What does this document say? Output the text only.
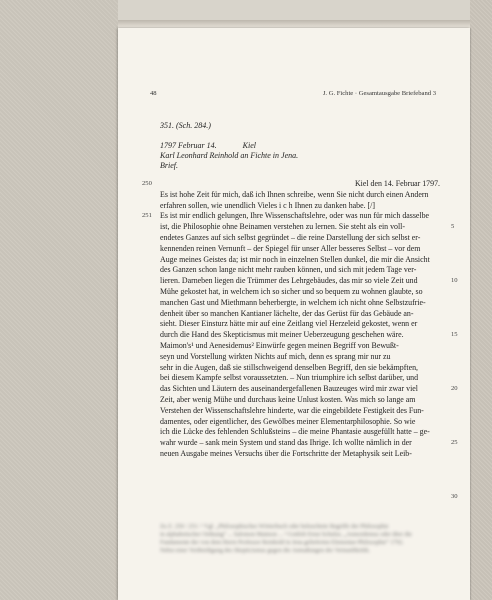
48	J. G. Fichte · Gesamtausgabe Briefeband 3
351. (Sch. 284.)
1797 Februar 14.	Kiel
Karl Leonhard Reinhold an Fichte in Jena.
Brief.
Kiel den 14. Februar 1797.
Es ist hohe Zeit für mich, daß ich Ihnen schreibe, wenn Sie nicht durch einen Andern
erfahren sollen, wie unendlich Vieles i c h Ihnen zu danken habe. [/]
Es ist mir endlich gelungen, Ihre Wissenschaftslehre, oder was nun für mich dasselbe
ist, die Philosophie ohne Beinamen verstehen zu lernen. Sie steht als ein voll-
endetes Ganzes auf sich selbst gegründet – die reine Darstellung der sich selbst er-
kennenden reinen Vernunft – der Spiegel für unser Aller besseres Selbst – vor dem
Auge meines Geistes da; ist mir noch in einzelnen Stellen dunkel, die mir die Ansicht
des Ganzen schon lange nicht mehr rauben können, und sich mit jedem Tage ver-
lieren. Darneben liegen die Trümmer des Lehrgebäudes, das mir so viele Zeit und
Mühe gekostet hat, in welchem ich so sicher und so bequem zu wohnen glaubte, so
manchen Gast und Miethmann beherbergte, in welchem ich nicht ohne Selbstzufrie-
denheit über so manchen Kantianer lächelte, der das Gerüst für das Gebäude an-
sieht. Dieser Einsturz hätte mir auf eine Zeitlang viel Herzeleid gekostet, wenn er
durch die Hand des Skepticismus mit meiner Ueberzeugung geschehen wäre.
Maimon's¹ und Aenesidemus² Einwürfe gegen meinen Begriff von Bewußt-
seyn und Vorstellung wirkten Nichts auf mich, denn es sprang mir nur zu
sehr in die Augen, daß sie stillschweigend denselben Begriff, den sie bekämpften,
bei diesem Kampfe selbst voraussetzten. – Nun triumphire ich selbst darüber, und
das Sichten und Läutern des auseinandergefallenen Bauzeuges wird mir zwar viel
Zeit, aber wenig Mühe und durchaus keine Unlust kosten. Was mich so lange am
Verstehen der Wissenschaftslehre hinderte, war die eingebildete Festigkeit des Fun-
damentes, oder eigentlicher, des Gewölbes meiner Elementarphilosophie. So wie
ich die Lücke des fehlenden Schlußsteins – die meine Phantasie ausgefüllt hatte – ge-
wahr wurde – sank mein System und stand das Ihrige. Ich wollte nämlich in der
neuen Ausgabe meines Versuchs über die Fortschritte der Metaphysik seit Leib-
250
251
5
10
15
20
25
30
Zu Z. 250 / 251: ¹ Vgl. „Philosophisches Wörterbuch oder beleuchtete Begriffe der Philosophie
in alphabetischer Ordnung“ ... Salomon Maimon ... ² Gottlob Ernst Schulze, „Aenesidemus oder über die
Fundamente der von dem Herrn Professor Reinhold in Jena gelieferten Elementar-Philosophie“ 1792.
Nebst einer Vertheidigung des Skepticismus gegen die Anmaßungen der Vernunftkritik.
